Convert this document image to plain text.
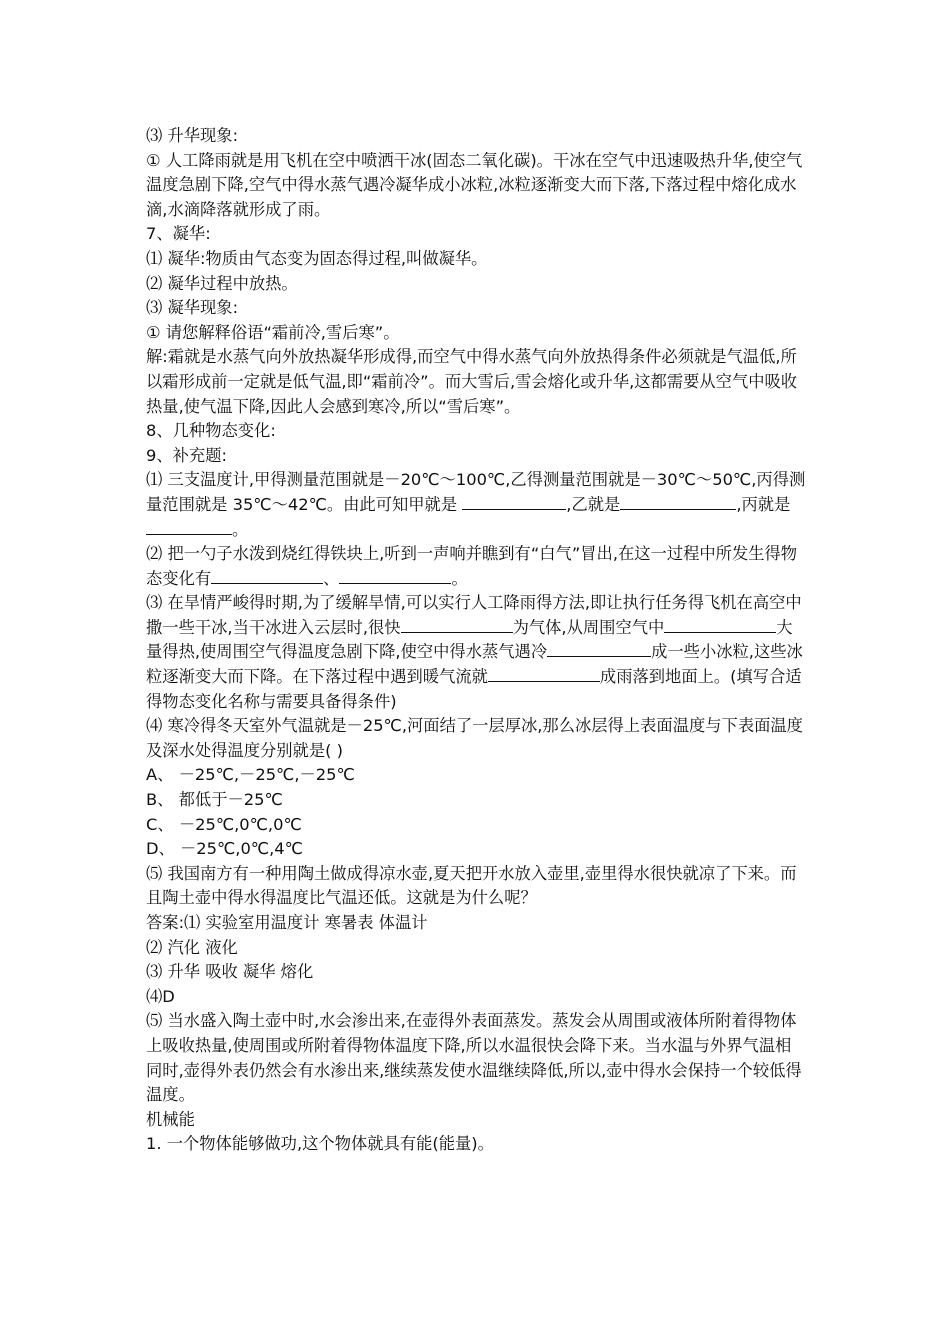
⑶ 升华现象:

① 人工降雨就是用飞机在空中喷洒干冰(固态二氧化碳)。干冰在空气中迅速吸热升华,使空气温度急剧下降,空气中得水蒸气遇冷凝华成小冰粒,冰粒逐渐变大而下落,下落过程中熔化成水滴,水滴降落就形成了雨。

7、凝华:

⑴ 凝华:物质由气态变为固态得过程,叫做凝华。

⑵ 凝华过程中放热。

⑶ 凝华现象:

① 请您解释俗语“霜前冷,雪后寒”。

解:霜就是水蒸气向外放热凝华形成得,而空气中得水蒸气向外放热得条件必须就是气温低,所以霜形成前一定就是低气温,即“霜前冷”。而大雪后,雪会熔化或升华,这都需要从空气中吸收热量,使气温下降,因此人会感到寒冷,所以“雪后寒”。

8、几种物态变化:

9、补充题:

⑴ 三支温度计,甲得测量范围就是－20℃～100℃,乙得测量范围就是－30℃～50℃,丙得测量范围就是 35℃～42℃。由此可知甲就是	,乙就是	,丙就是。

⑵ 把一勺子水泼到烧红得铁块上,听到一声响并瞧到有“白气”冒出,在这一过程中所发生得物态变化有	、	。

⑶ 在旱情严峻得时期,为了缓解旱情,可以实行人工降雨得方法,即让执行任务得飞机在高空中撒一些干冰,当干冰进入云层时,很快	为气体,从周围空气中	大量得热,使周围空气得温度急剧下降,使空中得水蒸气遇冷	成一些小冰粒,这些冰粒逐渐变大而下降。在下落过程中遇到暖气流就	成雨落到地面上。(填写合适得物态变化名称与需要具备得条件)

⑷ 寒冷得冬天室外气温就是－25℃,河面结了一层厚冰,那么冰层得上表面温度与下表面温度及深水处得温度分别就是( )

A、 －25℃,－25℃,－25℃

B、 都低于－25℃

C、 －25℃,0℃,0℃

D、 －25℃,0℃,4℃

⑸ 我国南方有一种用陶土做成得凉水壶,夏天把开水放入壶里,壶里得水很快就凉了下来。而且陶土壶中得水得温度比气温还低。这就是为什么呢？

答案:⑴ 实验室用温度计 寒暑表 体温计

⑵ 汽化 液化

⑶ 升华 吸收 凝华 熔化

⑷D

⑸ 当水盛入陶土壶中时,水会渗出来,在壶得外表面蒸发。蒸发会从周围或液体所附着得物体上吸收热量,使周围或所附着得物体温度下降,所以水温很快会降下来。当水温与外界气温相同时,壶得外表仍然会有水渗出来,继续蒸发使水温继续降低,所以,壶中得水会保持一个较低得温度。

机械能

1. 一个物体能够做功,这个物体就具有能(能量)。
